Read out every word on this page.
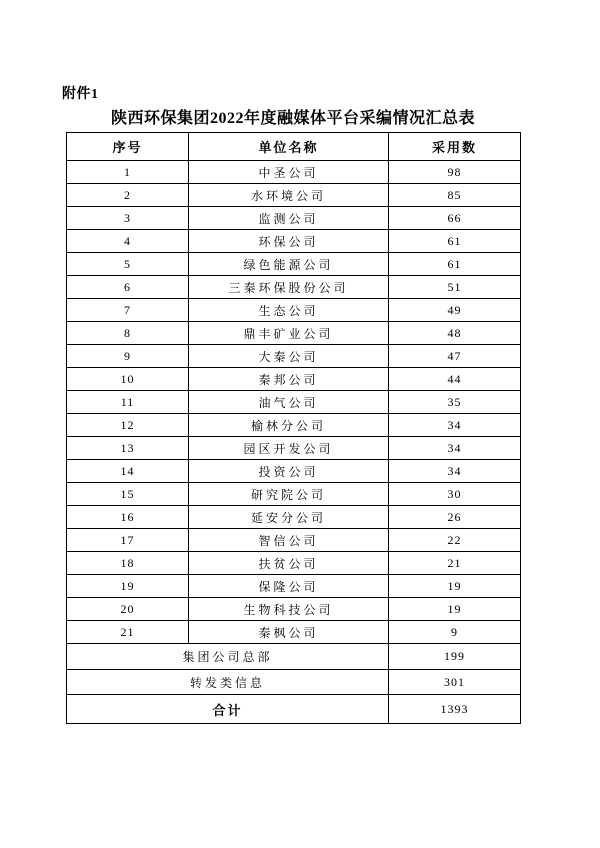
附件1
陕西环保集团2022年度融媒体平台采编情况汇总表
序号	单位名称	采用数
1	中圣公司	98
2	水环境公司	85
3	监测公司	66
4	环保公司	61
5	绿色能源公司	61
6	三秦环保股份公司	51
7	生态公司	49
8	鼎丰矿业公司	48
9	大秦公司	47
10	秦邦公司	44
11	油气公司	35
12	榆林分公司	34
13	园区开发公司	34
14	投资公司	34
15	研究院公司	30
16	延安分公司	26
17	智信公司	22
18	扶贫公司	21
19	保隆公司	19
20	生物科技公司	19
21	秦枫公司	9
集团公司总部		199
转发类信息		301
合计		1393
